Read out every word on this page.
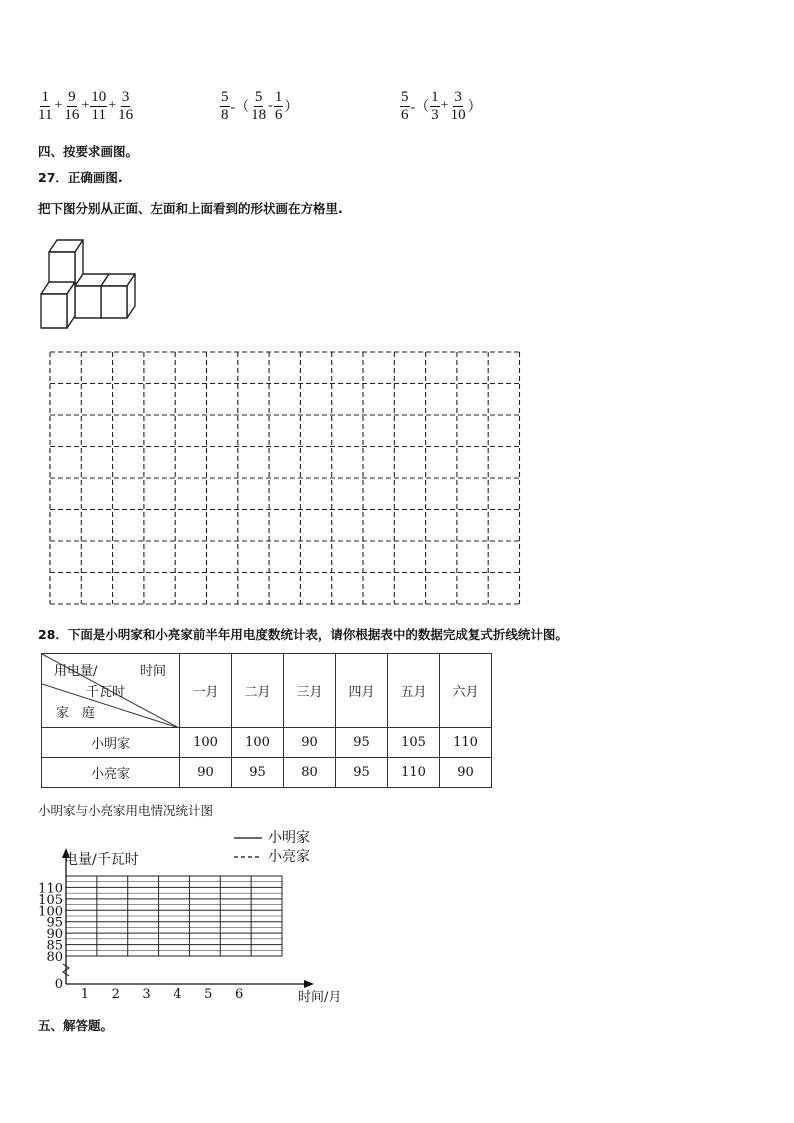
$\frac{1}{11} + \frac{9}{16} + \frac{10}{11} + \frac{3}{16}$	$\frac{5}{8}$ -（ $\frac{5}{18} - \frac{1}{6}$ ）	$\frac{5}{6}$ -（ $\frac{1}{3} + \frac{3}{10}$ ）
四、按要求画图。
27．正确画图.
把下图分别从正面、左面和上面看到的形状画在方格里.
28．下面是小明家和小亮家前半年用电度数统计表，请你根据表中的数据完成复式折线统计图。
用电量/ 时间
千瓦时
家　庭	一月	二月	三月	四月	五月	六月
小明家	100	100	90	95	105	110
小亮家	90	95	80	95	110	90
小明家与小亮家用电情况统计图
0
80
85
90
95
100
105
110
1 2 3 4 5 6
电量/千瓦时
时间/月
小明家
小亮家
五、解答题。
